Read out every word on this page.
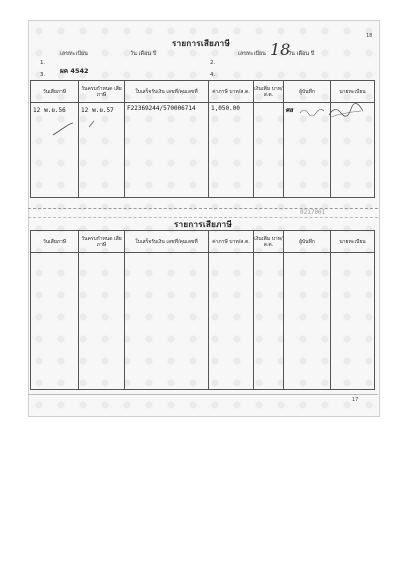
18
17
รายการเสียภาษี
1.
เลขทะเบียน	วัน เดือน ปี
2.
เลขทะเบียน 18
วัน เดือน ปี
3. ผค 4542	4.
วันเสียภาษี	วันครบกำหนด เสียภาษี	ใบเสร็จรับเงิน เลขที่/คุมเลขที่	ค่าภาษี บาท/ส.ต.	เงินเพิ่ม บาท/ส.ต.	ผู้บันทึก	นายทะเบียน

12 พ.ย.56	12 พ.ย.57	F22369244/570006714	1,050.00		ศส

0217001
รายการเสียภาษี
วันเสียภาษี	วันครบกำหนด เสียภาษี	ใบเสร็จรับเงิน เลขที่/คุมเลขที่	ค่าภาษี บาท/ส.ต.	เงินเพิ่ม บาท/ส.ต.	ผู้บันทึก	นายทะเบียน
